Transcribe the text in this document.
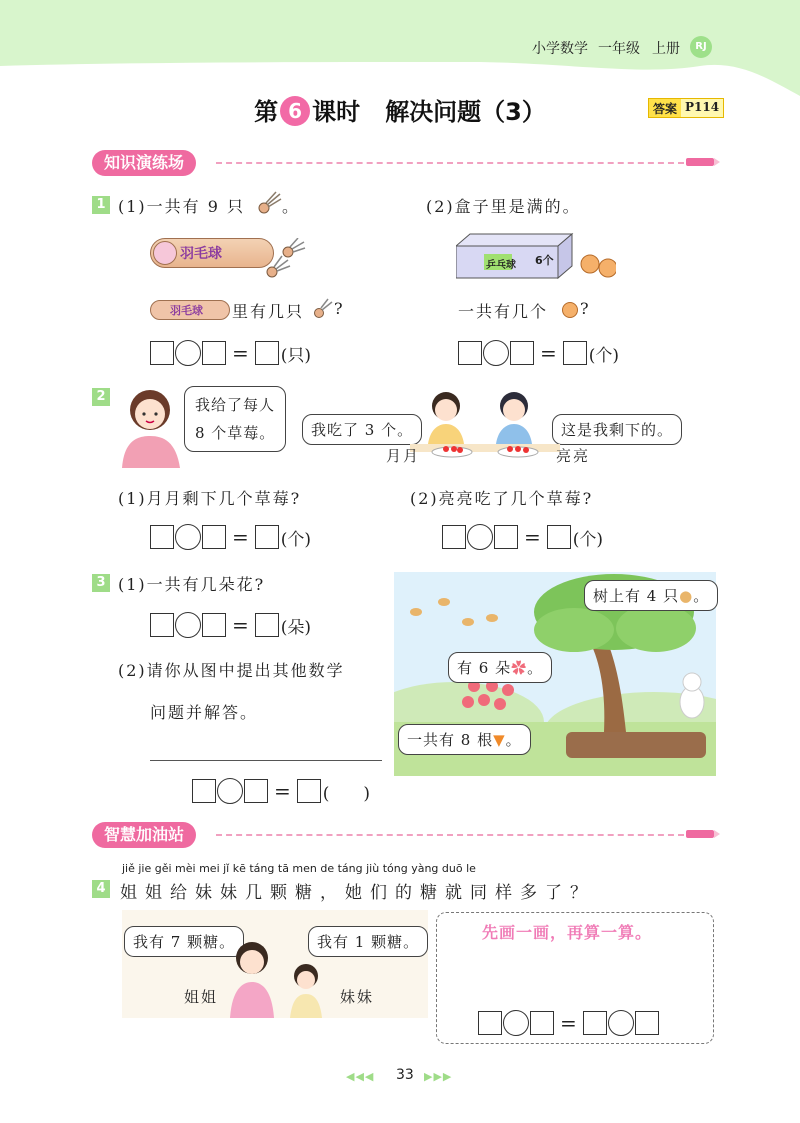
小学数学 一年级 上册	RJ
第 6 课时 解决问题（3）	答案 P114
知识演练场
1 (1)一共有 9 只 。
羽毛球
羽毛球 里有几只 ?
= (只)
(2)盒子里是满的。
乒乓球 6个
一共有几个 ?
= (个)
2	我给了每人
8 个草莓。	我吃了 3 个。	这是我剩下的。
月月	亮亮
(1)月月剩下几个草莓?	(2)亮亮吃了几个草莓?
= (个)	= (个)
3 (1)一共有几朵花?
= (朵)
(2)请你从图中提出其他数学
问题并解答。
= (　　)
树上有 4 只●。
有 6 朵✿。
一共有 8 根▼。
智慧加油站
jiě jie gěi mèi mei jǐ kē táng tā men de táng jiù tóng yàng duō le
4 姐姐给妹妹几颗糖，她们的糖就同样多了？
我有 7 颗糖。	我有 1 颗糖。
姐姐	妹妹
先画一画，再算一算。
=
◀◀◀ 33 ▶▶▶
